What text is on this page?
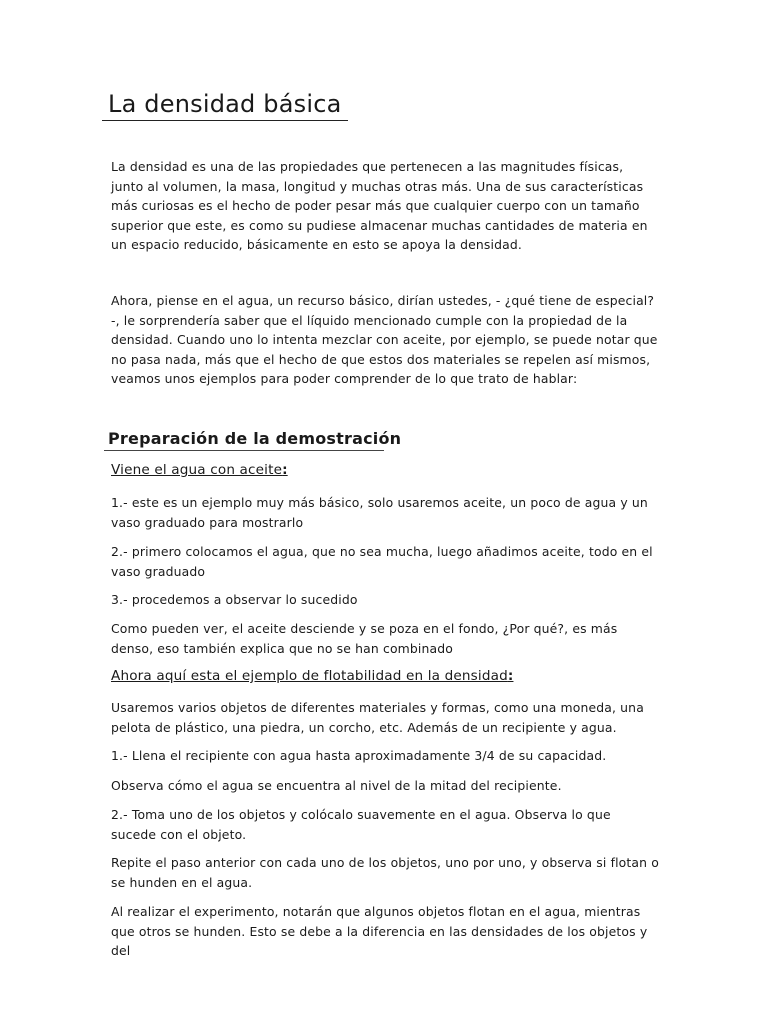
La densidad básica

La densidad es una de las propiedades que pertenecen a las magnitudes físicas, junto al volumen, la masa, longitud y muchas otras más. Una de sus características más curiosas es el hecho de poder pesar más que cualquier cuerpo con un tamaño superior que este, es como su pudiese almacenar muchas cantidades de materia en un espacio reducido, básicamente en esto se apoya la densidad.

Ahora, piense en el agua, un recurso básico, dirían ustedes, - ¿qué tiene de especial? -, le sorprendería saber que el líquido mencionado cumple con la propiedad de la densidad. Cuando uno lo intenta mezclar con aceite, por ejemplo, se puede notar que no pasa nada, más que el hecho de que estos dos materiales se repelen así mismos, veamos unos ejemplos para poder comprender de lo que trato de hablar:

Preparación de la demostración
Viene el agua con aceite:

1.- este es un ejemplo muy más básico, solo usaremos aceite, un poco de agua y un vaso graduado para mostrarlo

2.- primero colocamos el agua, que no sea mucha, luego añadimos aceite, todo en el vaso graduado

3.- procedemos a observar lo sucedido

Como pueden ver, el aceite desciende y se poza en el fondo, ¿Por qué?, es más denso, eso también explica que no se han combinado

Ahora aquí esta el ejemplo de flotabilidad en la densidad:

Usaremos varios objetos de diferentes materiales y formas, como una moneda, una pelota de plástico, una piedra, un corcho, etc. Además de un recipiente y agua.

1.- Llena el recipiente con agua hasta aproximadamente 3/4 de su capacidad.

Observa cómo el agua se encuentra al nivel de la mitad del recipiente.

2.- Toma uno de los objetos y colócalo suavemente en el agua. Observa lo que sucede con el objeto.

Repite el paso anterior con cada uno de los objetos, uno por uno, y observa si flotan o se hunden en el agua.

Al realizar el experimento, notarán que algunos objetos flotan en el agua, mientras que otros se hunden. Esto se debe a la diferencia en las densidades de los objetos y del
